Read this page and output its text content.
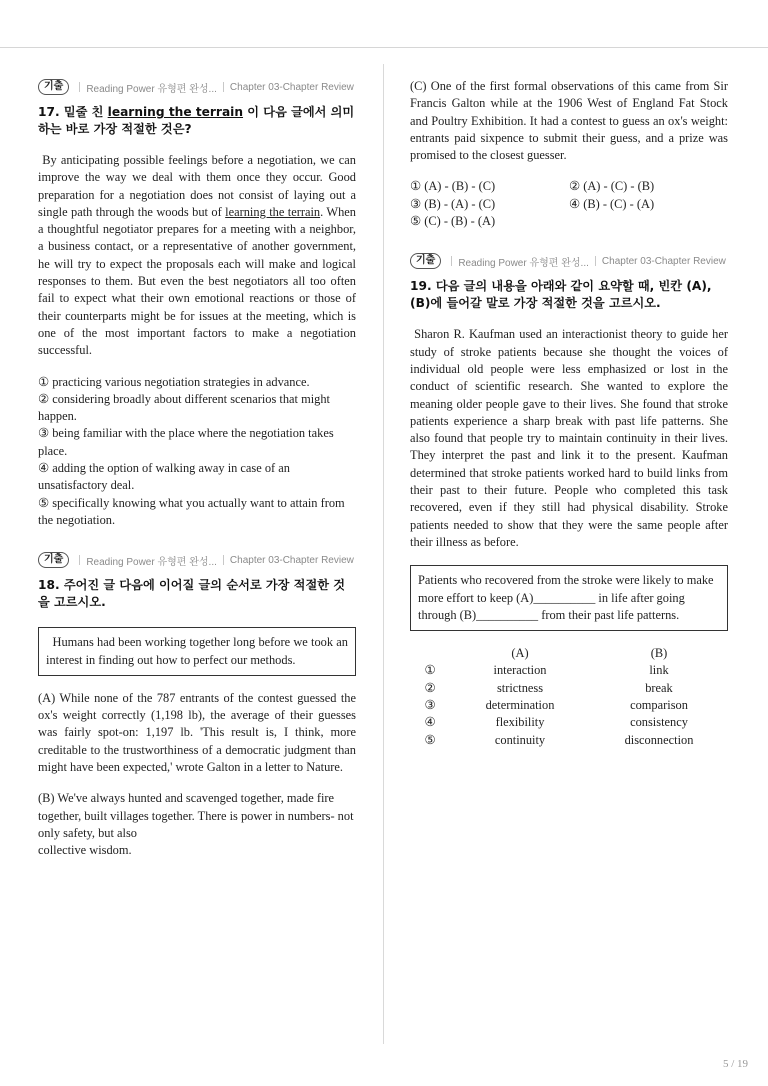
기출	Reading Power 유형편 완성... Chapter 03-Chapter Review
17. 밑줄 친 learning the terrain 이 다음 글에서 의미하는 바로 가장 적절한 것은?
By anticipating possible feelings before a negotiation, we can improve the way we deal with them once they occur. Good preparation for a negotiation does not consist of laying out a single path through the woods but of learning the terrain. When a thoughtful negotiator prepares for a meeting with a neighbor, a business contact, or a representative of another government, he will try to expect the proposals each will make and logical responses to them. But even the best negotiators all too often fail to expect what their own emotional reactions or those of their counterparts might be for issues at the meeting, which is one of the most important factors to make a negotiation successful.
① practicing various negotiation strategies in advance.
② considering broadly about different scenarios that might happen.
③ being familiar with the place where the negotiation takes place.
④ adding the option of walking away in case of an unsatisfactory deal.
⑤ specifically knowing what you actually want to attain from the negotiation.
기출	Reading Power 유형편 완성... Chapter 03-Chapter Review
18. 주어진 글 다음에 이어질 글의 순서로 가장 적절한 것을 고르시오.
Humans had been working together long before we took an interest in finding out how to perfect our methods.
(A) While none of the 787 entrants of the contest guessed the ox's weight correctly (1,198 lb), the average of their guesses was fairly spot-on: 1,197 lb. 'This result is, I think, more creditable to the trustworthiness of a democratic judgment than might have been expected,' wrote Galton in a letter to Nature.
(B) We've always hunted and scavenged together, made fire together, built villages together. There is power in numbers- not only safety, but also
collective wisdom.
(C) One of the first formal observations of this came from Sir Francis Galton while at the 1906 West of England Fat Stock and Poultry Exhibition. It had a contest to guess an ox's weight: entrants paid sixpence to submit their guess, and a prize was promised to the closest guesser.
① (A) - (B) - (C)	② (A) - (C) - (B)
③ (B) - (A) - (C)	④ (B) - (C) - (A)
⑤ (C) - (B) - (A)
기출	Reading Power 유형편 완성... Chapter 03-Chapter Review
19. 다음 글의 내용을 아래와 같이 요약할 때, 빈칸 (A), (B)에 들어갈 말로 가장 적절한 것을 고르시오.
Sharon R. Kaufman used an interactionist theory to guide her study of stroke patients because she thought the voices of individual old people were less emphasized or lost in the conduct of scientific research. She wanted to explore the meaning older people gave to their lives. She found that stroke patients experience a sharp break with past life patterns. She also found that people try to maintain continuity in their lives. They interpret the past and link it to the present. Kaufman determined that stroke patients worked hard to build links from their past to their future. People who completed this task recovered, even if they still had physical disability. Stroke patients needed to show that they were the same people after their illness as before.
Patients who recovered from the stroke were likely to make more effort to keep (A)__________ in life after going through (B)__________ from their past life patterns.
	(A)	(B)
①	interaction	link
②	strictness	break
③	determination	comparison
④	flexibility	consistency
⑤	continuity	disconnection
5 / 19
